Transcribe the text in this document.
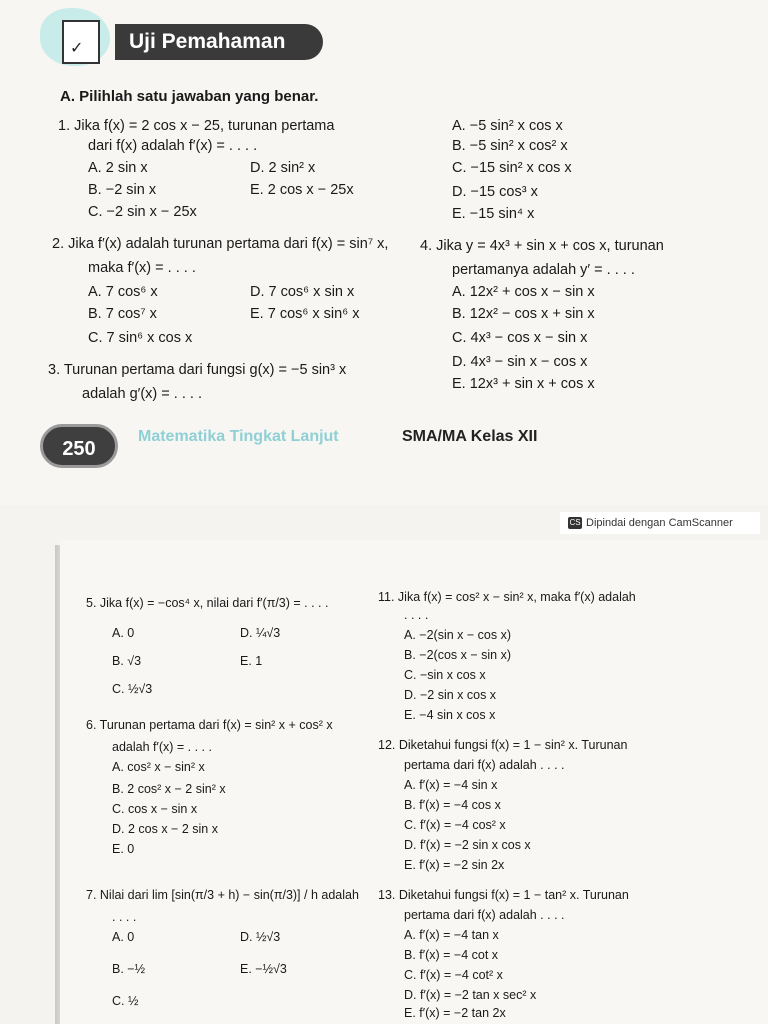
✓	Uji Pemahaman
A. Pilihlah satu jawaban yang benar.
1. Jika f(x) = 2 cos x − 25, turunan pertama
dari f(x) adalah f′(x) = . . . .
A. 2 sin x	D. 2 sin² x
B. −2 sin x	E. 2 cos x − 25x
C. −2 sin x − 25x
A. −5 sin² x cos x
B. −5 sin² x cos² x
C. −15 sin² x cos x
D. −15 cos³ x
E. −15 sin⁴ x
2. Jika f′(x) adalah turunan pertama dari f(x) = sin⁷ x,
maka f′(x) = . . . .
A. 7 cos⁶ x	D. 7 cos⁶ x sin x
B. 7 cos⁷ x	E. 7 cos⁶ x sin⁶ x
C. 7 sin⁶ x cos x
4. Jika y = 4x³ + sin x + cos x, turunan
pertamanya adalah y′ = . . . .
A. 12x² + cos x − sin x
B. 12x² − cos x + sin x
C. 4x³ − cos x − sin x
D. 4x³ − sin x − cos x
E. 12x³ + sin x + cos x
3. Turunan pertama dari fungsi g(x) = −5 sin³ x
adalah g′(x) = . . . .
250
Matematika Tingkat Lanjut	SMA/MA Kelas XII
CS Dipindai dengan CamScanner
5. Jika f(x) = −cos⁴ x, nilai dari f′(π/3) = . . . .
A. 0	D. ¼√3
B. √3	E. 1
C. ½√3
6. Turunan pertama dari f(x) = sin² x + cos² x
adalah f′(x) = . . . .
A. cos² x − sin² x
B. 2 cos² x − 2 sin² x
C. cos x − sin x
D. 2 cos x − 2 sin x
E. 0
7. Nilai dari lim [sin(π/3 + h) − sin(π/3)] / h adalah
. . . .
A. 0	D. ½√3
B. −½	E. −½√3
C. ½
11. Jika f(x) = cos² x − sin² x, maka f′(x) adalah
. . . .
A. −2(sin x − cos x)
B. −2(cos x − sin x)
C. −sin x cos x
D. −2 sin x cos x
E. −4 sin x cos x
12. Diketahui fungsi f(x) = 1 − sin² x. Turunan
pertama dari f(x) adalah . . . .
A. f′(x) = −4 sin x
B. f′(x) = −4 cos x
C. f′(x) = −4 cos² x
D. f′(x) = −2 sin x cos x
E. f′(x) = −2 sin 2x
13. Diketahui fungsi f(x) = 1 − tan² x. Turunan
pertama dari f(x) adalah . . . .
A. f′(x) = −4 tan x
B. f′(x) = −4 cot x
C. f′(x) = −4 cot² x
D. f′(x) = −2 tan x sec² x
E. f′(x) = −2 tan 2x
